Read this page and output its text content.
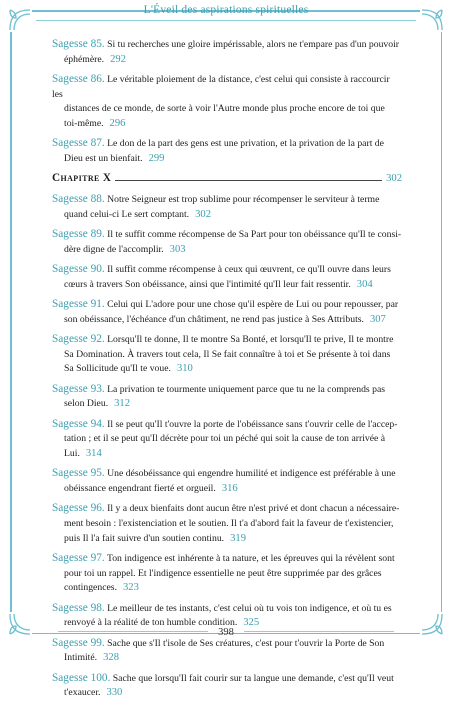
L'Éveil des aspirations spirituelles
Sagesse 85. Si tu recherches une gloire impérissable, alors ne t'empare pas d'un pouvoir
éphémère. 292
Sagesse 86. Le véritable ploiement de la distance, c'est celui qui consiste à raccourcir les
distances de ce monde, de sorte à voir l'Autre monde plus proche encore de toi que
toi-même. 296
Sagesse 87. Le don de la part des gens est une privation, et la privation de la part de
Dieu est un bienfait. 299
Chapitre X	302
Sagesse 88. Notre Seigneur est trop sublime pour récompenser le serviteur à terme
quand celui-ci Le sert comptant. 302
Sagesse 89. Il te suffit comme récompense de Sa Part pour ton obéissance qu'Il te consi-
dère digne de l'accomplir. 303
Sagesse 90. Il suffit comme récompense à ceux qui œuvrent, ce qu'Il ouvre dans leurs
cœurs à travers Son obéissance, ainsi que l'intimité qu'Il leur fait ressentir. 304
Sagesse 91. Celui qui L'adore pour une chose qu'il espère de Lui ou pour repousser, par
son obéissance, l'échéance d'un châtiment, ne rend pas justice à Ses Attributs. 307
Sagesse 92. Lorsqu'Il te donne, Il te montre Sa Bonté, et lorsqu'Il te prive, Il te montre
Sa Domination. À travers tout cela, Il Se fait connaître à toi et Se présente à toi dans
Sa Sollicitude qu'Il te voue. 310
Sagesse 93. La privation te tourmente uniquement parce que tu ne la comprends pas
selon Dieu. 312
Sagesse 94. Il se peut qu'Il t'ouvre la porte de l'obéissance sans t'ouvrir celle de l'accep-
tation ; et il se peut qu'Il décrète pour toi un péché qui soit la cause de ton arrivée à
Lui. 314
Sagesse 95. Une désobéissance qui engendre humilité et indigence est préférable à une
obéissance engendrant fierté et orgueil. 316
Sagesse 96. Il y a deux bienfaits dont aucun être n'est privé et dont chacun a nécessaire-
ment besoin : l'existenciation et le soutien. Il t'a d'abord fait la faveur de t'existencier,
puis Il l'a fait suivre d'un soutien continu. 319
Sagesse 97. Ton indigence est inhérente à ta nature, et les épreuves qui la révèlent sont
pour toi un rappel. Et l'indigence essentielle ne peut être supprimée par des grâces
contingences. 323
Sagesse 98. Le meilleur de tes instants, c'est celui où tu vois ton indigence, et où tu es
renvoyé à la réalité de ton humble condition. 325
Sagesse 99. Sache que s'Il t'isole de Ses créatures, c'est pour t'ouvrir la Porte de Son
Intimité. 328
Sagesse 100. Sache que lorsqu'Il fait courir sur ta langue une demande, c'est qu'Il veut
t'exaucer. 330
398
